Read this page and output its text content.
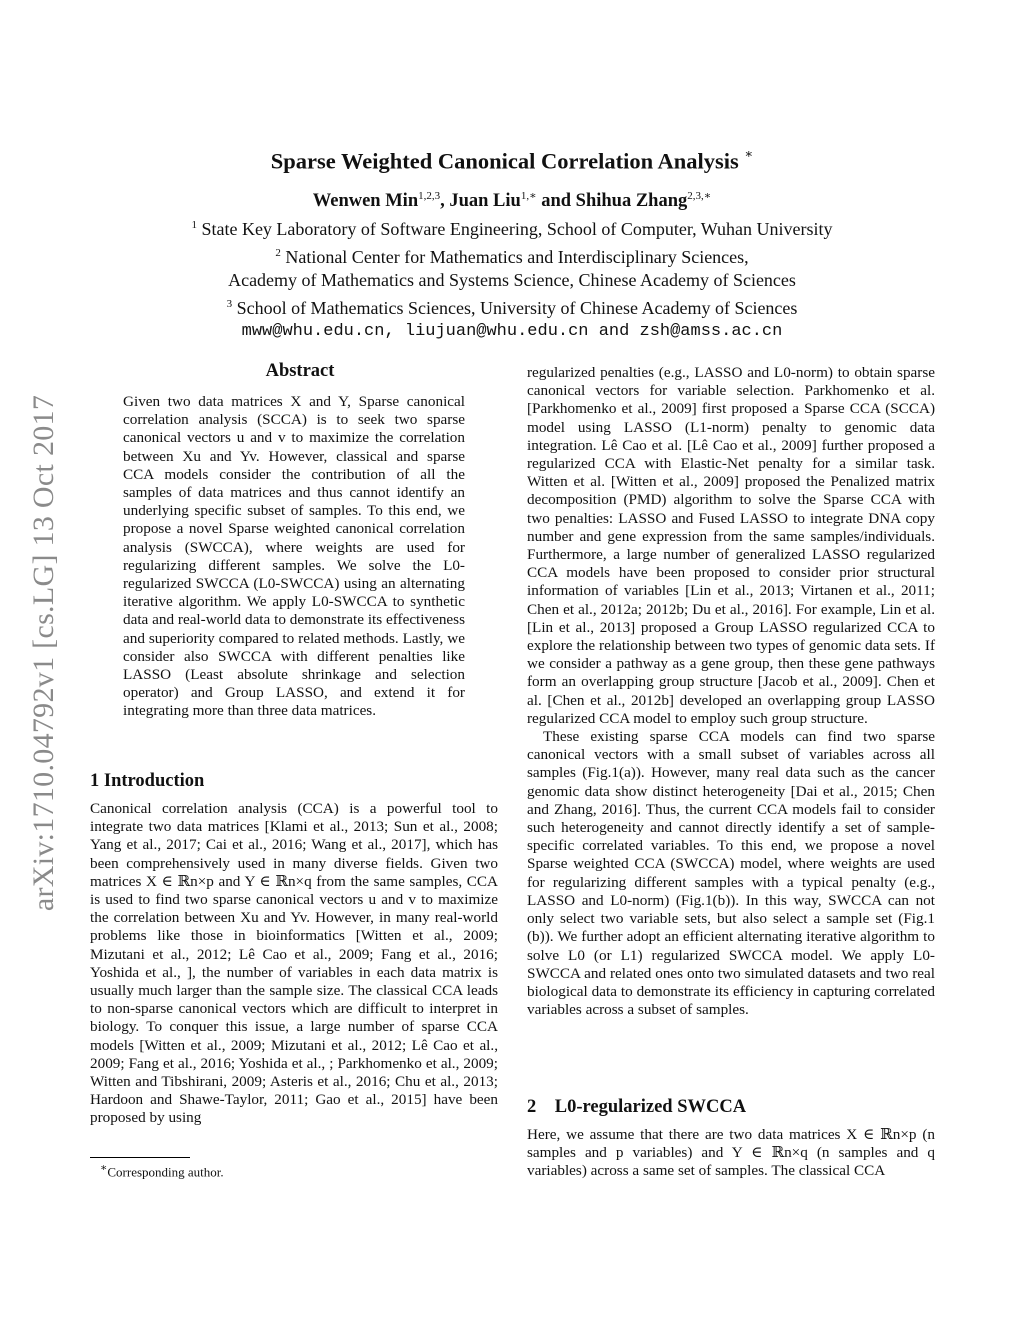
arXiv:1710.04792v1 [cs.LG] 13 Oct 2017
Sparse Weighted Canonical Correlation Analysis ∗
Wenwen Min$^{1,2,3}$, Juan Liu$^{1,∗}$ and Shihua Zhang$^{2,3,∗}$
$^1$ State Key Laboratory of Software Engineering, School of Computer, Wuhan University
$^2$ National Center for Mathematics and Interdisciplinary Sciences,
Academy of Mathematics and Systems Science, Chinese Academy of Sciences
$^3$ School of Mathematics Sciences, University of Chinese Academy of Sciences
mww@whu.edu.cn, liujuan@whu.edu.cn and zsh@amss.ac.cn
Abstract
Given two data matrices X and Y, Sparse canonical correlation analysis (SCCA) is to seek two sparse canonical vectors u and v to maximize the correlation between Xu and Yv. However, classical and sparse CCA models consider the contribution of all the samples of data matrices and thus cannot identify an underlying specific subset of samples. To this end, we propose a novel Sparse weighted canonical correlation analysis (SWCCA), where weights are used for regularizing different samples. We solve the L0-regularized SWCCA (L0-SWCCA) using an alternating iterative algorithm. We apply L0-SWCCA to synthetic data and real-world data to demonstrate its effectiveness and superiority compared to related methods. Lastly, we consider also SWCCA with different penalties like LASSO (Least absolute shrinkage and selection operator) and Group LASSO, and extend it for integrating more than three data matrices.
1 Introduction

Canonical correlation analysis (CCA) is a powerful tool to integrate two data matrices [Klami et al., 2013; Sun et al., 2008; Yang et al., 2017; Cai et al., 2016; Wang et al., 2017], which has been comprehensively used in many diverse fields. Given two matrices X ∈ ℝn×p and Y ∈ ℝn×q from the same samples, CCA is used to find two sparse canonical vectors u and v to maximize the correlation between Xu and Yv. However, in many real-world problems like those in bioinformatics [Witten et al., 2009; Mizutani et al., 2012; Lê Cao et al., 2009; Fang et al., 2016; Yoshida et al., ], the number of variables in each data matrix is usually much larger than the sample size. The classical CCA leads to non-sparse canonical vectors which are difficult to interpret in biology. To conquer this issue, a large number of sparse CCA models [Witten et al., 2009; Mizutani et al., 2012; Lê Cao et al., 2009; Fang et al., 2016; Yoshida et al., ; Parkhomenko et al., 2009; Witten and Tibshirani, 2009; Asteris et al., 2016; Chu et al., 2013; Hardoon and Shawe-Taylor, 2011; Gao et al., 2015] have been proposed by using

regularized penalties (e.g., LASSO and L0-norm) to obtain sparse canonical vectors for variable selection. Parkhomenko et al. [Parkhomenko et al., 2009] first proposed a Sparse CCA (SCCA) model using LASSO (L1-norm) penalty to genomic data integration. Lê Cao et al. [Lê Cao et al., 2009] further proposed a regularized CCA with Elastic-Net penalty for a similar task. Witten et al. [Witten et al., 2009] proposed the Penalized matrix decomposition (PMD) algorithm to solve the Sparse CCA with two penalties: LASSO and Fused LASSO to integrate DNA copy number and gene expression from the same samples/individuals. Furthermore, a large number of generalized LASSO regularized CCA models have been proposed to consider prior structural information of variables [Lin et al., 2013; Virtanen et al., 2011; Chen et al., 2012a; 2012b; Du et al., 2016]. For example, Lin et al. [Lin et al., 2013] proposed a Group LASSO regularized CCA to explore the relationship between two types of genomic data sets. If we consider a pathway as a gene group, then these gene pathways form an overlapping group structure [Jacob et al., 2009]. Chen et al. [Chen et al., 2012b] developed an overlapping group LASSO regularized CCA model to employ such group structure.

These existing sparse CCA models can find two sparse canonical vectors with a small subset of variables across all samples (Fig.1(a)). However, many real data such as the cancer genomic data show distinct heterogeneity [Dai et al., 2015; Chen and Zhang, 2016]. Thus, the current CCA models fail to consider such heterogeneity and cannot directly identify a set of sample-specific correlated variables. To this end, we propose a novel Sparse weighted CCA (SWCCA) model, where weights are used for regularizing different samples with a typical penalty (e.g., LASSO and L0-norm) (Fig.1(b)). In this way, SWCCA can not only select two variable sets, but also select a sample set (Fig.1 (b)). We further adopt an efficient alternating iterative algorithm to solve L0 (or L1) regularized SWCCA model. We apply L0-SWCCA and related ones onto two simulated datasets and two real biological data to demonstrate its efficiency in capturing correlated variables across a subset of samples.

2 L0-regularized SWCCA

Here, we assume that there are two data matrices X ∈ ℝn×p (n samples and p variables) and Y ∈ ℝn×q (n samples and q variables) across a same set of samples. The classical CCA

∗Corresponding author.
